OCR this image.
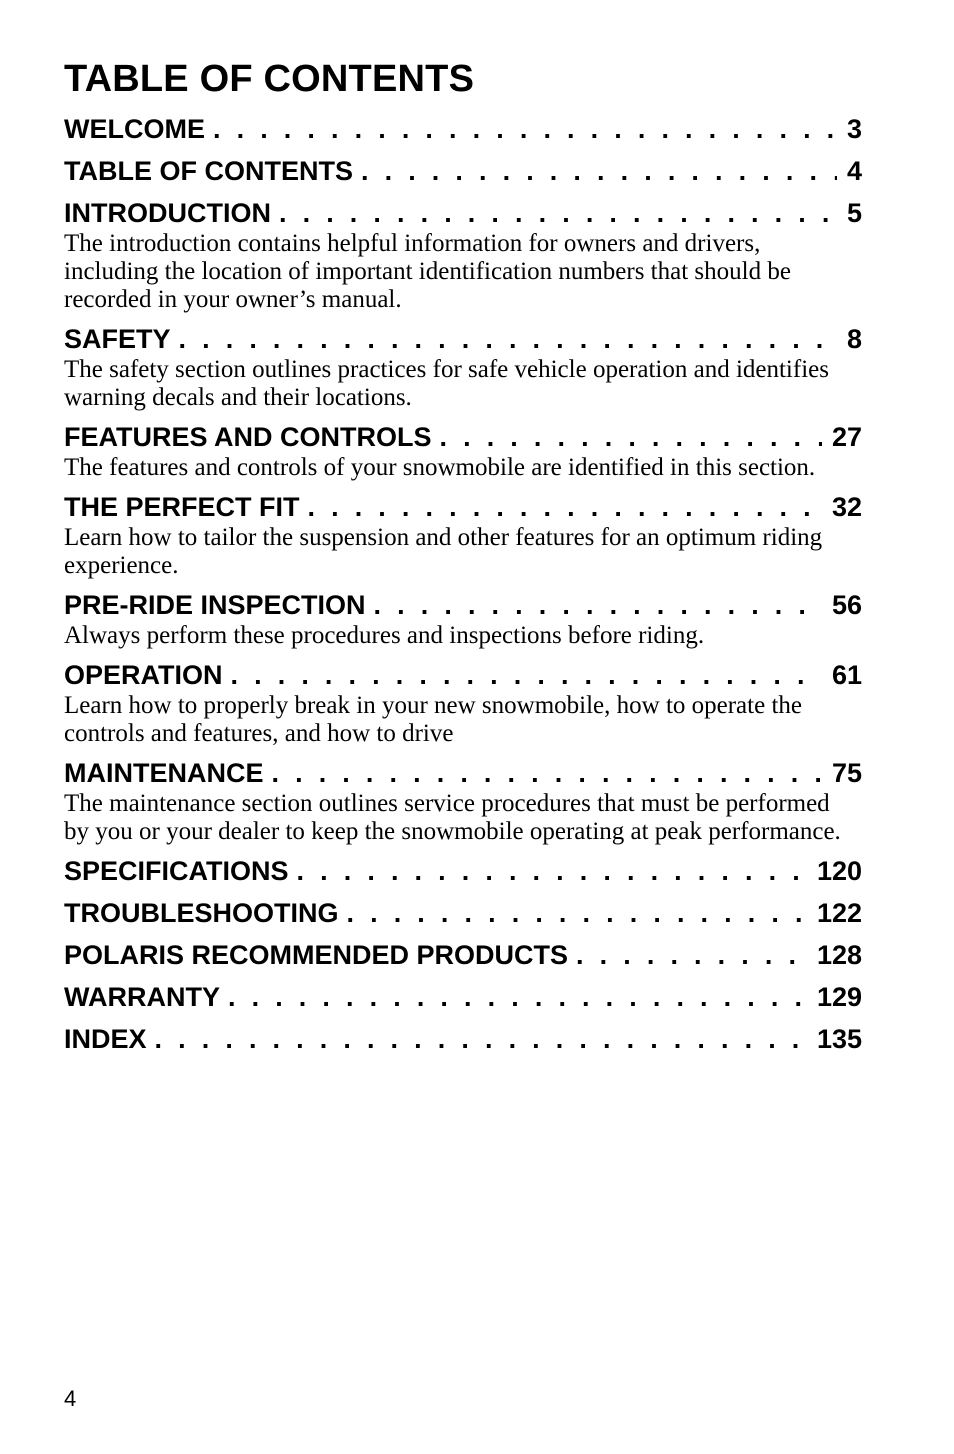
TABLE OF CONTENTS
WELCOME . . .	3
TABLE OF CONTENTS . . .	4
INTRODUCTION . . .	5
The introduction contains helpful information for owners and drivers, including the location of important identification numbers that should be recorded in your owner’s manual.
SAFETY . . .	8
The safety section outlines practices for safe vehicle operation and identifies warning decals and their locations.
FEATURES AND CONTROLS . . .	27
The features and controls of your snowmobile are identified in this section.
THE PERFECT FIT . . .	32
Learn how to tailor the suspension and other features for an optimum riding experience.
PRE-RIDE INSPECTION . . .	56
Always perform these procedures and inspections before riding.
OPERATION . . .	61
Learn how to properly break in your new snowmobile, how to operate the controls and features, and how to drive
MAINTENANCE . . .	75
The maintenance section outlines service procedures that must be performed by you or your dealer to keep the snowmobile operating at peak performance.
SPECIFICATIONS . . .	120
TROUBLESHOOTING . . .	122
POLARIS RECOMMENDED PRODUCTS . . .	128
WARRANTY . . .	129
INDEX . . .	135
4
